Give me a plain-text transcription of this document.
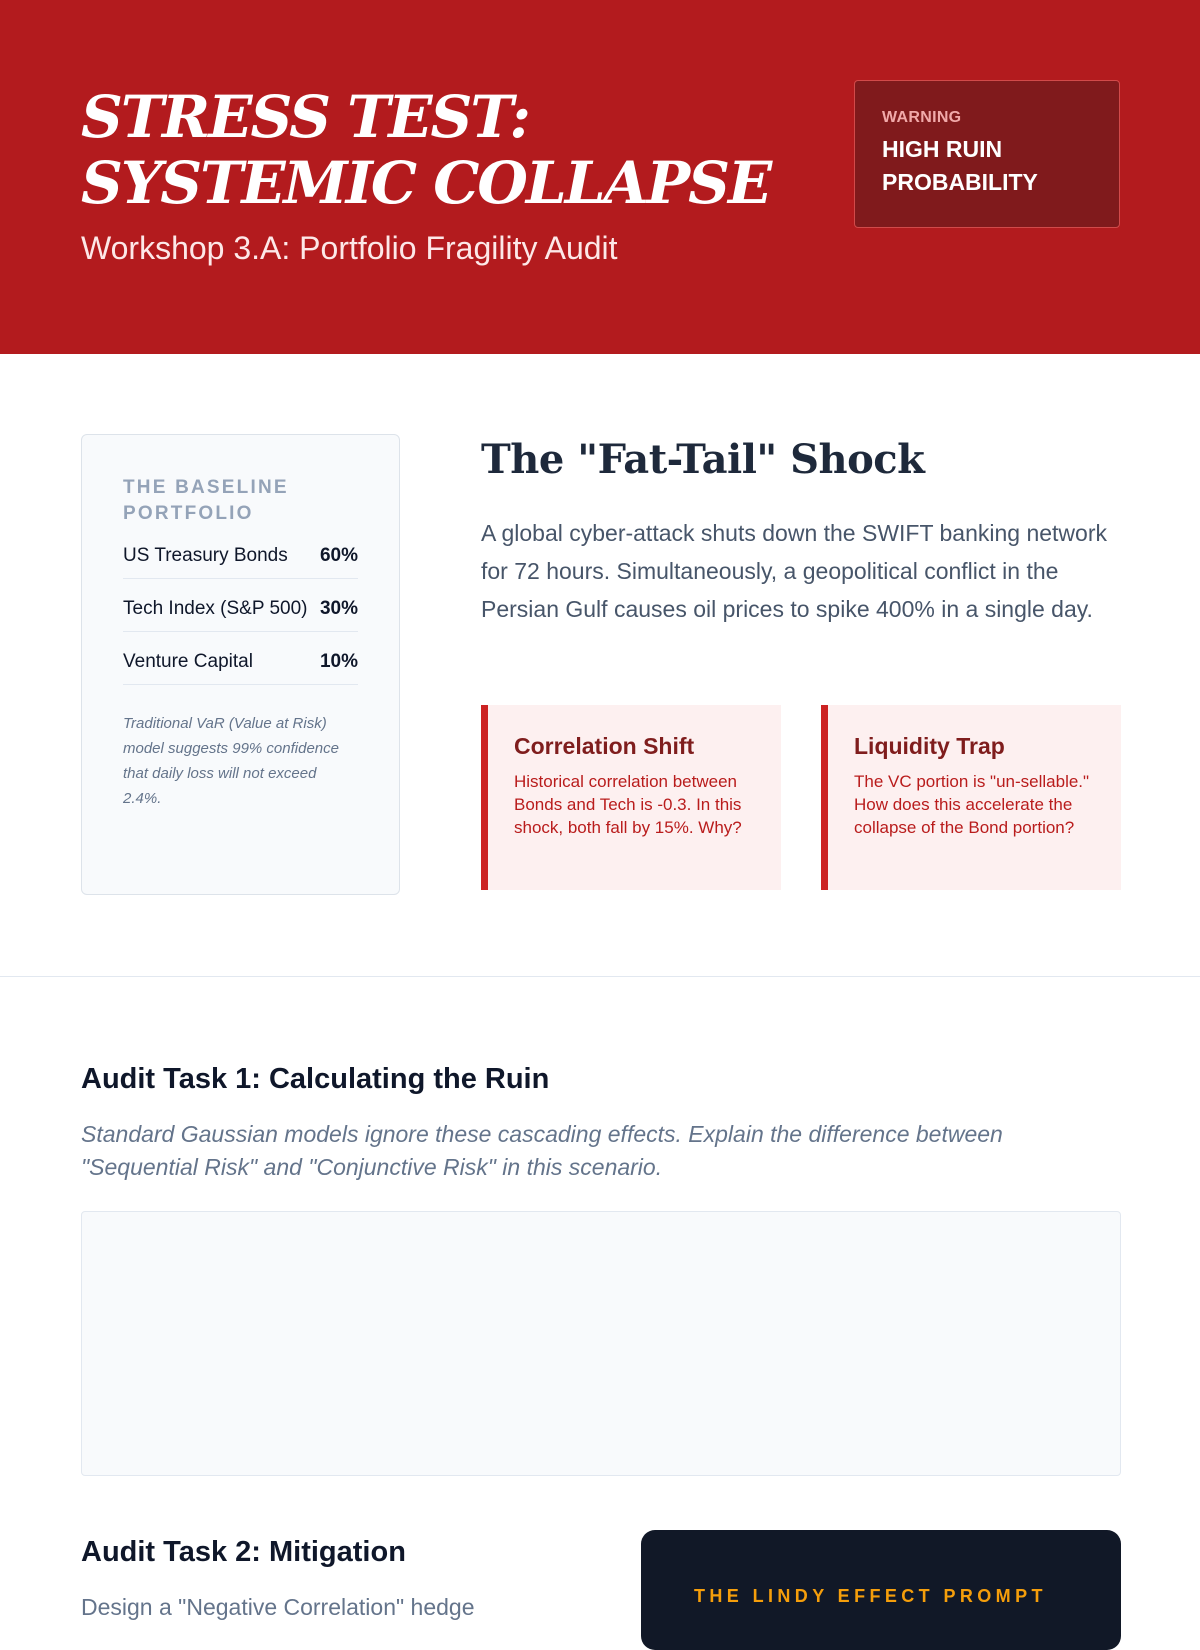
STRESS TEST: SYSTEMIC COLLAPSE
Workshop 3.A: Portfolio Fragility Audit
WARNING
HIGH RUIN PROBABILITY
THE BASELINE PORTFOLIO
US Treasury Bonds	60%
Tech Index (S&P 500) 30%
Venture Capital	10%

Traditional VaR (Value at Risk) model suggests 99% confidence that daily loss will not exceed 2.4%.

The "Fat-Tail" Shock

A global cyber-attack shuts down the SWIFT banking network for 72 hours. Simultaneously, a geopolitical conflict in the Persian Gulf causes oil prices to spike 400% in a single day.

Correlation Shift
Historical correlation between Bonds and Tech is -0.3. In this shock, both fall by 15%. Why?
Liquidity Trap
The VC portion is "un-sellable." How does this accelerate the collapse of the Bond portion?
Audit Task 1: Calculating the Ruin

Standard Gaussian models ignore these cascading effects. Explain the difference between "Sequential Risk" and "Conjunctive Risk" in this scenario.

Audit Task 2: Mitigation

Design a "Negative Correlation" hedge	THE LINDY EFFECT PROMPT
